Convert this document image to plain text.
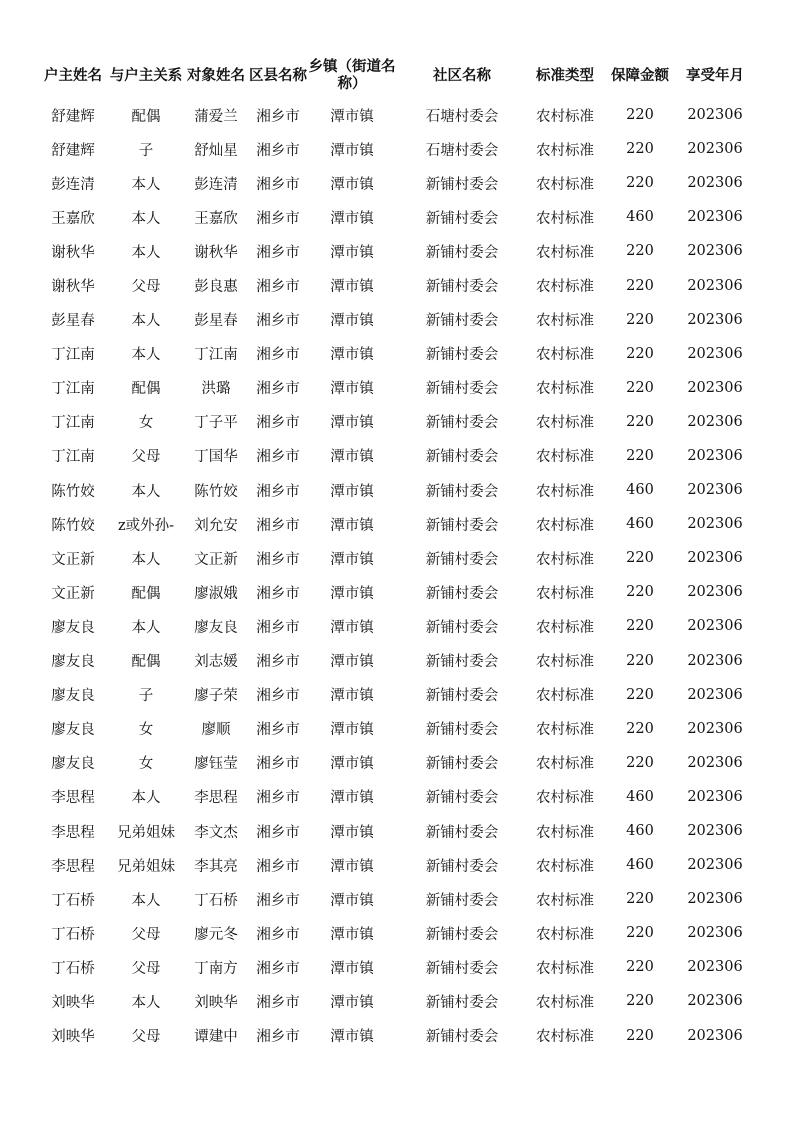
户主姓名	与户主关系	对象姓名	区县名称	乡镇（街道名称）	社区名称	标准类型	保障金额	享受年月
舒建辉	配偶	蒲爱兰	湘乡市	潭市镇	石塘村委会	农村标准	220	202306
舒建辉	子	舒灿星	湘乡市	潭市镇	石塘村委会	农村标准	220	202306
彭连清	本人	彭连清	湘乡市	潭市镇	新铺村委会	农村标准	220	202306
王嘉欣	本人	王嘉欣	湘乡市	潭市镇	新铺村委会	农村标准	460	202306
谢秋华	本人	谢秋华	湘乡市	潭市镇	新铺村委会	农村标准	220	202306
谢秋华	父母	彭良惠	湘乡市	潭市镇	新铺村委会	农村标准	220	202306
彭星春	本人	彭星春	湘乡市	潭市镇	新铺村委会	农村标准	220	202306
丁江南	本人	丁江南	湘乡市	潭市镇	新铺村委会	农村标准	220	202306
丁江南	配偶	洪璐	湘乡市	潭市镇	新铺村委会	农村标准	220	202306
丁江南	女	丁子平	湘乡市	潭市镇	新铺村委会	农村标准	220	202306
丁江南	父母	丁国华	湘乡市	潭市镇	新铺村委会	农村标准	220	202306
陈竹姣	本人	陈竹姣	湘乡市	潭市镇	新铺村委会	农村标准	460	202306
陈竹姣	z或外孙-	刘允安	湘乡市	潭市镇	新铺村委会	农村标准	460	202306
文正新	本人	文正新	湘乡市	潭市镇	新铺村委会	农村标准	220	202306
文正新	配偶	廖淑娥	湘乡市	潭市镇	新铺村委会	农村标准	220	202306
廖友良	本人	廖友良	湘乡市	潭市镇	新铺村委会	农村标准	220	202306
廖友良	配偶	刘志媛	湘乡市	潭市镇	新铺村委会	农村标准	220	202306
廖友良	子	廖子荣	湘乡市	潭市镇	新铺村委会	农村标准	220	202306
廖友良	女	廖顺	湘乡市	潭市镇	新铺村委会	农村标准	220	202306
廖友良	女	廖钰莹	湘乡市	潭市镇	新铺村委会	农村标准	220	202306
李思程	本人	李思程	湘乡市	潭市镇	新铺村委会	农村标准	460	202306
李思程	兄弟姐妹	李文杰	湘乡市	潭市镇	新铺村委会	农村标准	460	202306
李思程	兄弟姐妹	李其亮	湘乡市	潭市镇	新铺村委会	农村标准	460	202306
丁石桥	本人	丁石桥	湘乡市	潭市镇	新铺村委会	农村标准	220	202306
丁石桥	父母	廖元冬	湘乡市	潭市镇	新铺村委会	农村标准	220	202306
丁石桥	父母	丁南方	湘乡市	潭市镇	新铺村委会	农村标准	220	202306
刘映华	本人	刘映华	湘乡市	潭市镇	新铺村委会	农村标准	220	202306
刘映华	父母	谭建中	湘乡市	潭市镇	新铺村委会	农村标准	220	202306
